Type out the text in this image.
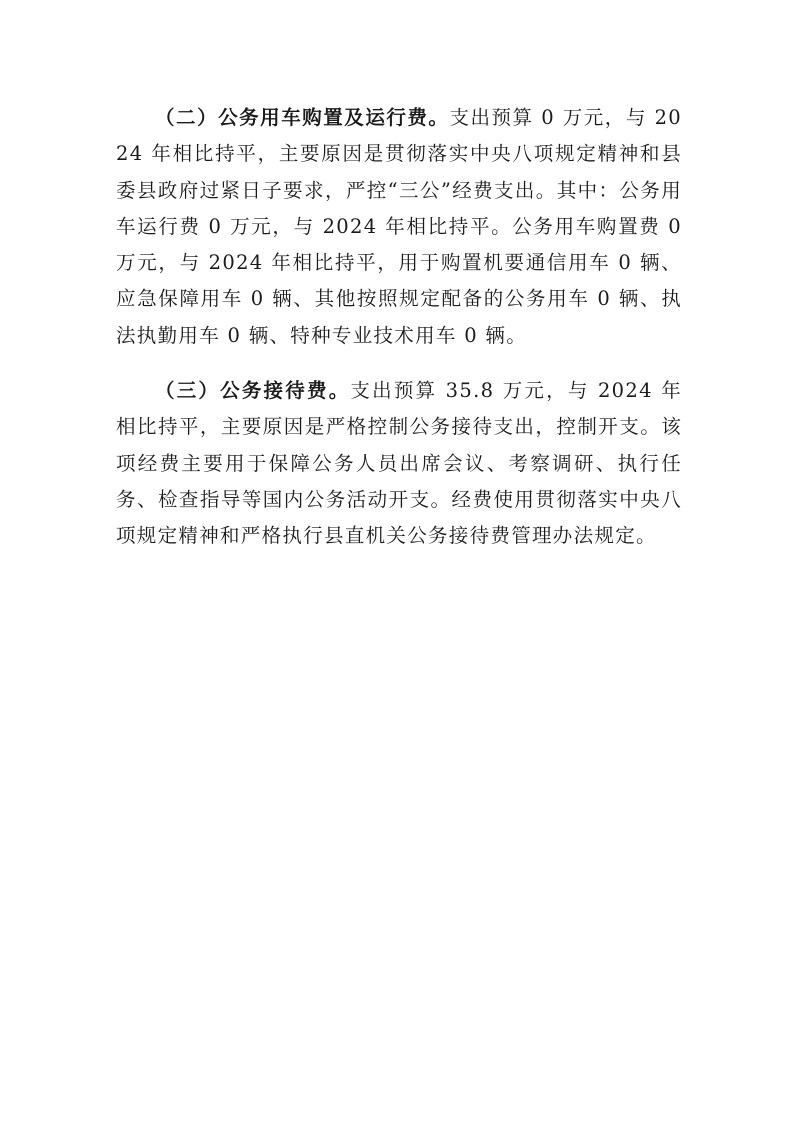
（二）公务用车购置及运行费。支出预算 0 万元，与 2024 年相比持平，主要原因是贯彻落实中央八项规定精神和县委县政府过紧日子要求，严控“三公”经费支出。其中：公务用车运行费 0 万元，与 2024 年相比持平。公务用车购置费 0 万元，与 2024 年相比持平，用于购置机要通信用车 0 辆、应急保障用车 0 辆、其他按照规定配备的公务用车 0 辆、执法执勤用车 0 辆、特种专业技术用车 0 辆。

（三）公务接待费。支出预算 35.8 万元，与 2024 年相比持平，主要原因是严格控制公务接待支出，控制开支。该项经费主要用于保障公务人员出席会议、考察调研、执行任务、检查指导等国内公务活动开支。经费使用贯彻落实中央八项规定精神和严格执行县直机关公务接待费管理办法规定。
